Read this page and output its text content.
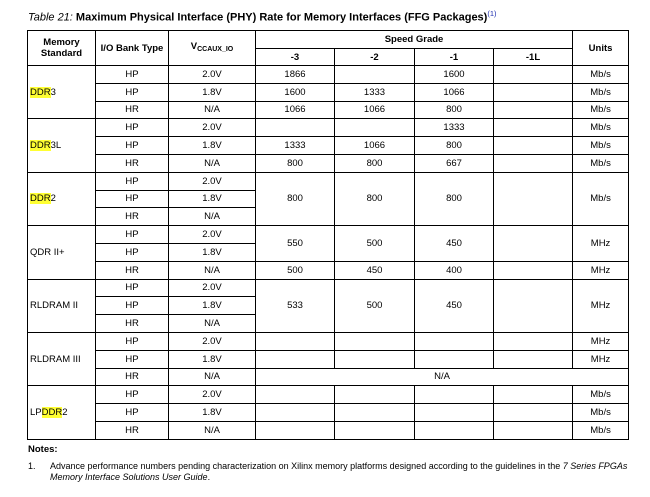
Table 21: Maximum Physical Interface (PHY) Rate for Memory Interfaces (FFG Packages)$^{(1)}$
Memory Standard	I/O Bank Type	$V_{CCAUX\_IO}$	Speed Grade				Units
			-3	-2	-1	-1L	
DDR3	HP	2.0V	1866		1600		Mb/s
	HP	1.8V	1600	1333	1066		Mb/s
	HR	N/A	1066	1066	800		Mb/s
DDR3L	HP	2.0V			1333		Mb/s
	HP	1.8V	1333	1066	800		Mb/s
	HR	N/A	800	800	667		Mb/s
DDR2	HP	2.0V	800	800	800		Mb/s
	HP	1.8V					
	HR	N/A					
QDR II+	HP	2.0V	550	500	450		MHz
	HP	1.8V					
	HR	N/A	500	450	400		MHz
RLDRAM II	HP	2.0V	533	500	450		MHz
	HP	1.8V					
	HR	N/A					
RLDRAM III	HP	2.0V					MHz
	HP	1.8V					MHz
	HR	N/A	N/A				
LPDDR2	HP	2.0V					Mb/s
	HP	1.8V					Mb/s
	HR	N/A					Mb/s
Notes:
1.	Advance performance numbers pending characterization on Xilinx memory platforms designed according to the guidelines in the 7 Series FPGAs Memory Interface Solutions User Guide.
